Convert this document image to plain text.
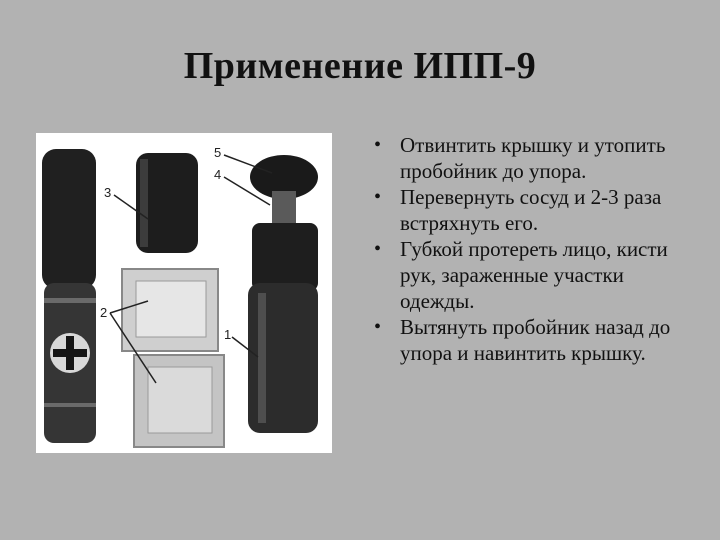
Применение ИПП-9
5
4
3
2
1
• Отвинтить крышку и утопить пробойник до упора.
• Перевернуть сосуд и 2-3 раза встряхнуть его.
• Губкой протереть лицо, кисти рук, зараженные участки одежды.
• Вытянуть пробойник назад до упора и навинтить крышку.
